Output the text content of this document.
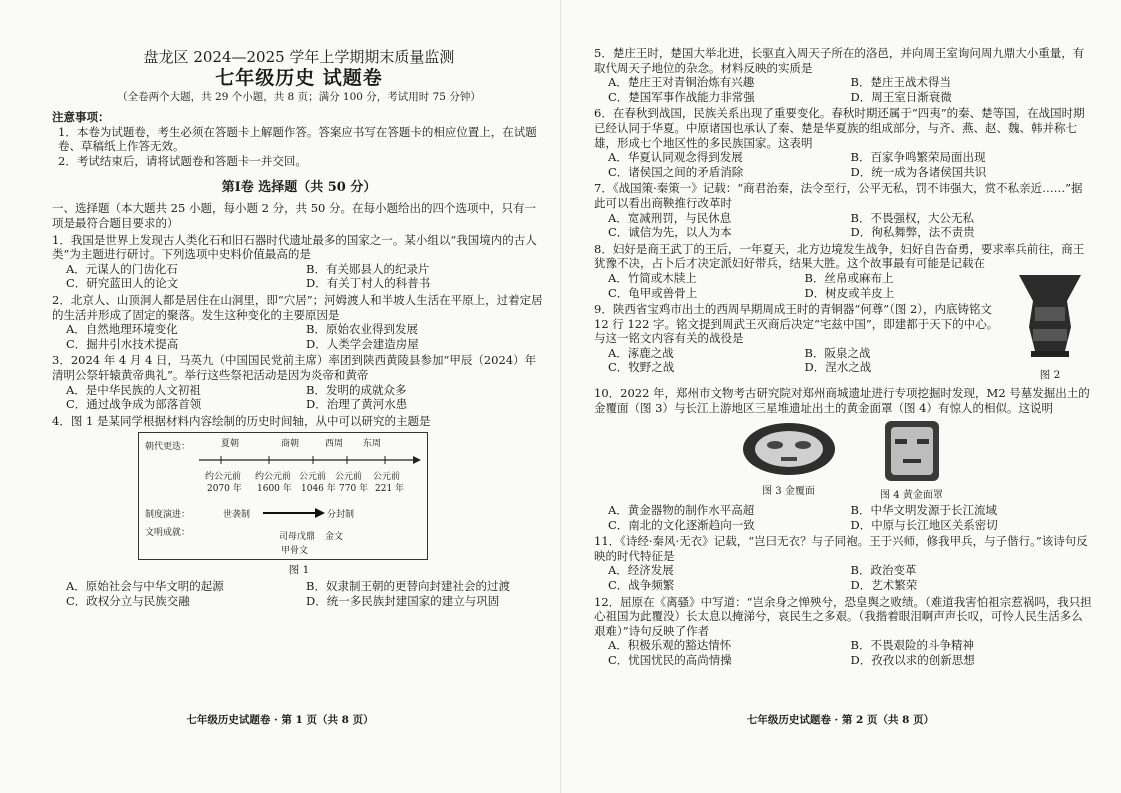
盘龙区 2024—2025 学年上学期期末质量监测
七年级历史 试题卷
（全卷两个大题，共 29 个小题，共 8 页；满分 100 分，考试用时 75 分钟）
注意事项：
1．本卷为试题卷，考生必须在答题卡上解题作答。答案应书写在答题卡的相应位置上，在试题卷、草稿纸上作答无效。
2．考试结束后，请将试题卷和答题卡一并交回。
第Ⅰ卷 选择题（共 50 分）
一、选择题（本大题共 25 小题，每小题 2 分，共 50 分。在每小题给出的四个选项中，只有一项是最符合题目要求的）
1．我国是世界上发现古人类化石和旧石器时代遗址最多的国家之一。某小组以“我国境内的古人类”为主题进行研讨。下列选项中史料价值最高的是
A．元谋人的门齿化石	B．有关郧县人的纪录片
C．研究蓝田人的论文	D．有关丁村人的科普书
2．北京人、山顶洞人都是居住在山洞里，即“穴居”；河姆渡人和半坡人生活在平原上，过着定居的生活并形成了固定的聚落。发生这种变化的主要原因是
A．自然地理环境变化	B．原始农业得到发展
C．掘井引水技术提高	D．人类学会建造房屋
3．2024 年 4 月 4 日，马英九（中国国民党前主席）率团到陕西黄陵县参加“甲辰（2024）年清明公祭轩辕黄帝典礼”。举行这些祭祀活动是因为炎帝和黄帝
A．是中华民族的人文初祖	B．发明的成就众多
C．通过战争成为部落首领	D．治理了黄河水患
4．图 1 是某同学根据材料内容绘制的历史时间轴，从中可以研究的主题是
朝代更迭：	夏朝	商朝	西周 东周
约公元前 约公元前 公元前 公元前 公元前
2070 年 1600 年 1046 年 770 年 221 年
制度演进：	世袭制	分封制
文明成就：	司母戊鼎 金文
甲骨文
图 1
A．原始社会与中华文明的起源	B．奴隶制王朝的更替向封建社会的过渡
C．政权分立与民族交融	D．统一多民族封建国家的建立与巩固
七年级历史试题卷 · 第 1 页（共 8 页）
5．楚庄王时，楚国大举北进，长驱直入周天子所在的洛邑，并向周王室询问周九鼎大小重量，有取代周天子地位的杂念。材料反映的实质是
A．楚庄王对青铜治炼有兴趣	B．楚庄王战术得当
C．楚国军事作战能力非常强	D．周王室日渐衰微
6．在春秋到战国，民族关系出现了重要变化。春秋时期还属于“四夷”的秦、楚等国，在战国时期已经认同于华夏。中原诸国也承认了秦、楚是华夏族的组成部分，与齐、燕、赵、魏、韩并称七雄，形成七个地区性的多民族国家。这表明
A．华夏认同观念得到发展	B．百家争鸣繁荣局面出现
C．诸侯国之间的矛盾消除	D．统一成为各诸侯国共识
7．《战国策·秦策一》记载：“商君治秦，法令至行，公平无私，罚不讳强大，赏不私亲近……”据此可以看出商鞅推行改革时
A．宽减刑罚，与民休息	B．不畏强权，大公无私
C．诚信为先，以人为本	D．徇私舞弊，法不责贵
8．妇好是商王武丁的王后，一年夏天，北方边境发生战争，妇好自告奋勇，要求率兵前往，商王犹豫不决，占卜后才决定派妇好带兵，结果大胜。这个故事最有可能是记载在
A．竹简或木牍上	B．丝帛或麻布上
C．龟甲或兽骨上	D．树皮或羊皮上
9．陕西省宝鸡市出土的西周早期周成王时的青铜器“何尊”（图 2），内底铸铭文 12 行 122 字。铭文提到周武王灭商后决定“宅兹中国”，即建都于天下的中心。与这一铭文内容有关的战役是
A．涿鹿之战	B．阪泉之战
C．牧野之战	D．涅水之战
图 2
10．2022 年，郑州市文物考古研究院对郑州商城遗址进行专项挖掘时发现，M2 号墓发掘出土的金覆面（图 3）与长江上游地区三星堆遗址出土的黄金面罩（图 4）有惊人的相似。这说明
图 3 金覆面	图 4 黄金面罩
A．黄金器物的制作水平高超	B．中华文明发源于长江流域
C．南北的文化逐渐趋向一致	D．中原与长江地区关系密切
11．《诗经·秦风·无衣》记载，“岂曰无衣？与子同袍。王于兴师，修我甲兵，与子偕行。”该诗句反映的时代特征是
A．经济发展	B．政治变革
C．战争频繁	D．艺术繁荣
12．屈原在《离骚》中写道：“岂余身之惮殃兮，恐皇舆之败绩。（难道我害怕祖宗惹祸吗，我只担心祖国为此覆没）长太息以掩涕兮，哀民生之多艰。（我揩着眼泪啊声声长叹，可怜人民生活多么艰难）”诗句反映了作者
A．积极乐观的豁达情怀	B．不畏艰险的斗争精神
C．忧国忧民的高尚情操	D．孜孜以求的创新思想
七年级历史试题卷 · 第 2 页（共 8 页）
